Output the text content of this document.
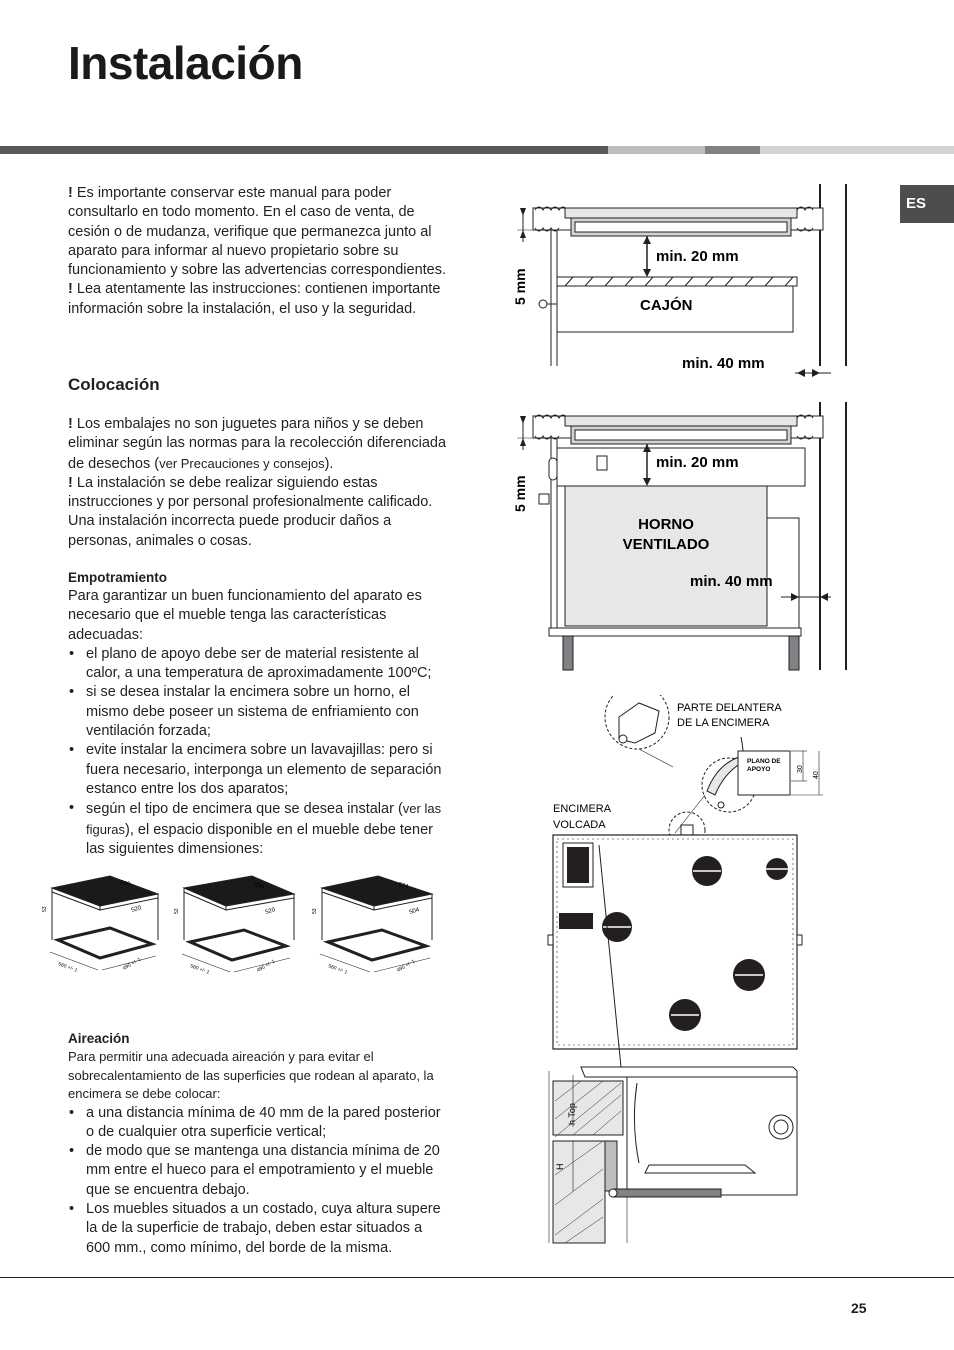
Instalación
ES

! Es importante conservar este manual para poder consultarlo en todo momento. En el caso de venta, de cesión o de mudanza, verifique que permanezca junto al aparato para informar al nuevo propietario sobre su funcionamiento y sobre las advertencias correspondientes.

! Lea atentamente las instrucciones: contienen importante información sobre la instalación, el uso y la seguridad.

Colocación

! Los embalajes no son juguetes para niños y se deben eliminar según las normas para la recolección diferenciada de desechos (ver Precauciones y consejos).

! La instalación se debe realizar siguiendo estas instrucciones y por personal profesionalmente calificado. Una instalación incorrecta puede producir daños a personas, animales o cosas.

Empotramiento

Para garantizar un buen funcionamiento del aparato es necesario que el mueble tenga las características adecuadas:

• el plano de apoyo debe ser de material resistente al calor, a una temperatura de aproximadamente 100ºC;
• si se desea instalar la encimera sobre un horno, el mismo debe poseer un sistema de enfriamiento con ventilación forzada;
• evite instalar la encimera sobre un lavavajillas: pero si fuera necesario, interponga un elemento de separación estanco entre los dos aparatos;
• según el tipo de encimera que se desea instalar (ver las figuras), el espacio disponible en el mueble debe tener las siguientes dimensiones:
590
520
53
560 +/- 1	490 +/- 1
690
520
53
560 +/- 1	490 +/- 1
574
504
53
560 +/- 1	490 +/- 1
Aireación

Para permitir una adecuada aireación y para evitar el sobrecalentamiento de las superficies que rodean al aparato, la encimera se debe colocar:

• a una distancia mínima de 40 mm de la pared posterior o de cualquier otra superficie vertical;
• de modo que se mantenga una distancia mínima de 20 mm entre el hueco para el empotramiento y el mueble que se encuentra debajo.
• Los muebles situados a un costado, cuya altura supere la de la superficie de trabajo, deben estar situados a 600 mm., como mínimo, del borde de la misma.
min. 20 mm
CAJÓN
min. 40 mm
5 mm
min. 20 mm
HORNO
VENTILADO
min. 40 mm
5 mm
PARTE DELANTERA
DE LA ENCIMERA
PLANO DE
APOYO	30
40
ENCIMERA
VOLCADA
h Top
H
25
